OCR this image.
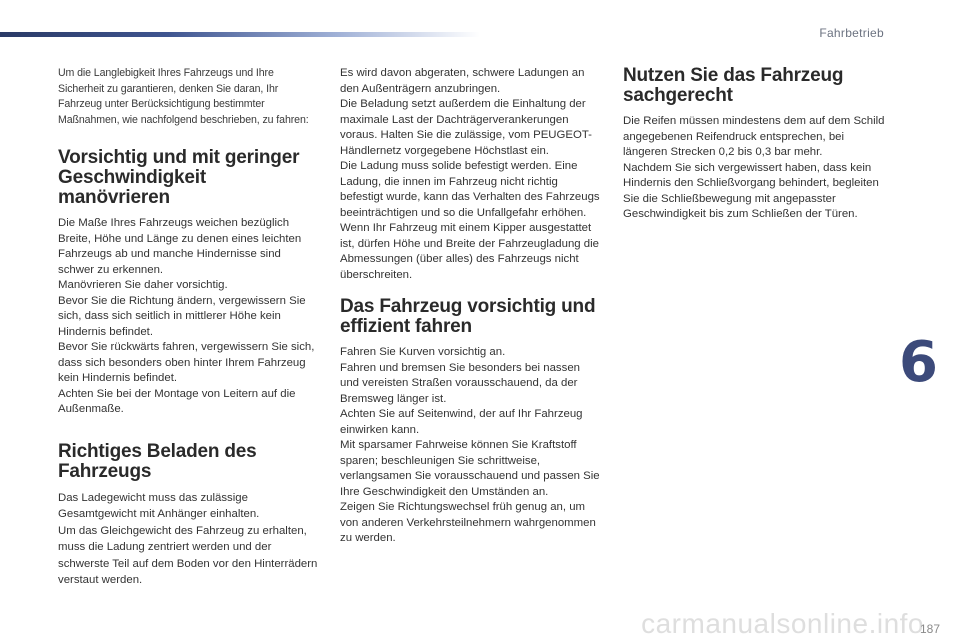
Fahrbetrieb

Um die Langlebigkeit Ihres Fahrzeugs und Ihre Sicherheit zu garantieren, denken Sie daran, Ihr Fahrzeug unter Berücksichtigung bestimmter Maßnahmen, wie nachfolgend beschrieben, zu fahren:

Vorsichtig und mit geringer Geschwindigkeit manövrieren

Die Maße Ihres Fahrzeugs weichen bezüglich Breite, Höhe und Länge zu denen eines leichten Fahrzeugs ab und manche Hindernisse sind schwer zu erkennen.

Manövrieren Sie daher vorsichtig.

Bevor Sie die Richtung ändern, vergewissern Sie sich, dass sich seitlich in mittlerer Höhe kein Hindernis befindet.

Bevor Sie rückwärts fahren, vergewissern Sie sich, dass sich besonders oben hinter Ihrem Fahrzeug kein Hindernis befindet.

Achten Sie bei der Montage von Leitern auf die Außenmaße.

Richtiges Beladen des Fahrzeugs

Das Ladegewicht muss das zulässige Gesamtgewicht mit Anhänger einhalten.

Um das Gleichgewicht des Fahrzeug zu erhalten, muss die Ladung zentriert werden und der schwerste Teil auf dem Boden vor den Hinterrädern verstaut werden.

Es wird davon abgeraten, schwere Ladungen an den Außenträgern anzubringen.

Die Beladung setzt außerdem die Einhaltung der maximale Last der Dachträgerverankerungen voraus. Halten Sie die zulässige, vom PEUGEOT-Händlernetz vorgegebene Höchstlast ein.

Die Ladung muss solide befestigt werden. Eine Ladung, die innen im Fahrzeug nicht richtig befestigt wurde, kann das Verhalten des Fahrzeugs beeinträchtigen und so die Unfallgefahr erhöhen.

Wenn Ihr Fahrzeug mit einem Kipper ausgestattet ist, dürfen Höhe und Breite der Fahrzeugladung die Abmessungen (über alles) des Fahrzeugs nicht überschreiten.

Das Fahrzeug vorsichtig und effizient fahren

Fahren Sie Kurven vorsichtig an.

Fahren und bremsen Sie besonders bei nassen und vereisten Straßen vorausschauend, da der Bremsweg länger ist.

Achten Sie auf Seitenwind, der auf Ihr Fahrzeug einwirken kann.

Mit sparsamer Fahrweise können Sie Kraftstoff sparen; beschleunigen Sie schrittweise, verlangsamen Sie vorausschauend und passen Sie Ihre Geschwindigkeit den Umständen an.

Zeigen Sie Richtungswechsel früh genug an, um von anderen Verkehrsteilnehmern wahrgenommen zu werden.

Nutzen Sie das Fahrzeug sachgerecht

Die Reifen müssen mindestens dem auf dem Schild angegebenen Reifendruck entsprechen, bei längeren Strecken 0,2 bis 0,3 bar mehr.

Nachdem Sie sich vergewissert haben, dass kein Hindernis den Schließvorgang behindert, begleiten Sie die Schließbewegung mit angepasster Geschwindigkeit bis zum Schließen der Türen.

6
carmanualsonline.info
187
